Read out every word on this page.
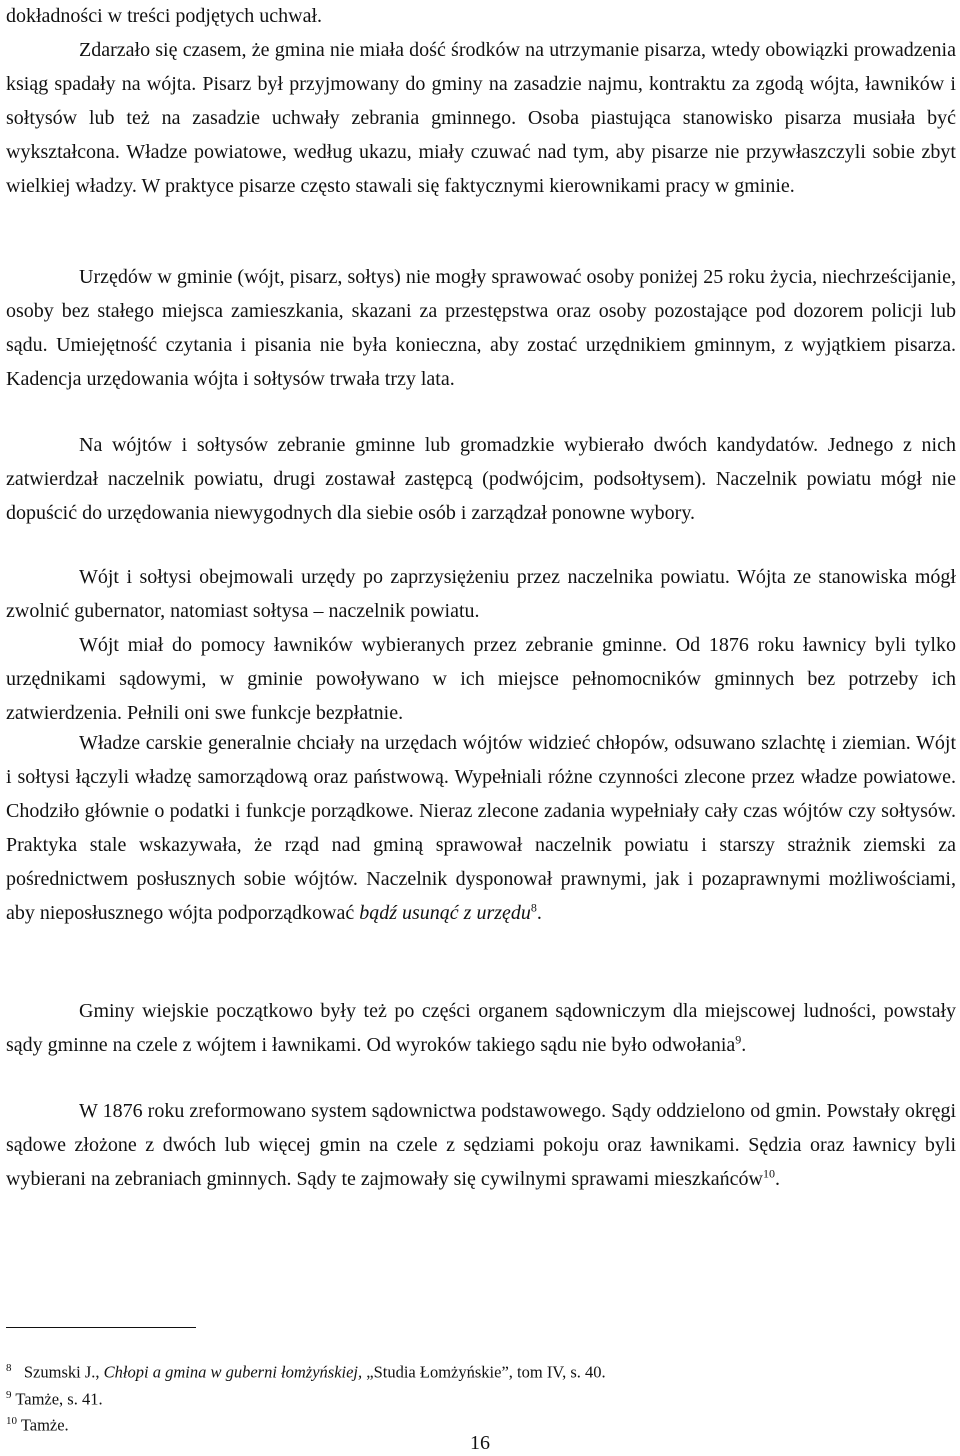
dokładności w treści podjętych uchwał.

Zdarzało się czasem, że gmina nie miała dość środków na utrzymanie pisarza, wtedy obowiązki prowadzenia ksiąg spadały na wójta. Pisarz był przyjmowany do gminy na zasadzie najmu, kontraktu za zgodą wójta, ławników i sołtysów lub też na zasadzie uchwały zebrania gminnego. Osoba piastująca stanowisko pisarza musiała być wykształcona. Władze powiatowe, według ukazu, miały czuwać nad tym, aby pisarze nie przywłaszczyli sobie zbyt wielkiej władzy. W praktyce pisarze często stawali się faktycznymi kierownikami pracy w gminie.

Urzędów w gminie (wójt, pisarz, sołtys) nie mogły sprawować osoby poniżej 25 roku życia, niechrześcijanie, osoby bez stałego miejsca zamieszkania, skazani za przestępstwa oraz osoby pozostające pod dozorem policji lub sądu. Umiejętność czytania i pisania nie była konieczna, aby zostać urzędnikiem gminnym, z wyjątkiem pisarza. Kadencja urzędowania wójta i sołtysów trwała trzy lata.

Na wójtów i sołtysów zebranie gminne lub gromadzkie wybierało dwóch kandydatów. Jednego z nich zatwierdzał naczelnik powiatu, drugi zostawał zastępcą (podwójcim, podsołtysem). Naczelnik powiatu mógł nie dopuścić do urzędowania niewygodnych dla siebie osób i zarządzał ponowne wybory.

Wójt i sołtysi obejmowali urzędy po zaprzysiężeniu przez naczelnika powiatu. Wójta ze stanowiska mógł zwolnić gubernator, natomiast sołtysa – naczelnik powiatu.

Wójt miał do pomocy ławników wybieranych przez zebranie gminne. Od 1876 roku ławnicy byli tylko urzędnikami sądowymi, w gminie powoływano w ich miejsce pełnomocników gminnych bez potrzeby ich zatwierdzenia. Pełnili oni swe funkcje bezpłatnie.

Władze carskie generalnie chciały na urzędach wójtów widzieć chłopów, odsuwano szlachtę i ziemian. Wójt i sołtysi łączyli władzę samorządową oraz państwową. Wypełniali różne czynności zlecone przez władze powiatowe. Chodziło głównie o podatki i funkcje porządkowe. Nieraz zlecone zadania wypełniały cały czas wójtów czy sołtysów. Praktyka stale wskazywała, że rząd nad gminą sprawował naczelnik powiatu i starszy strażnik ziemski za pośrednictwem posłusznych sobie wójtów. Naczelnik dysponował prawnymi, jak i pozaprawnymi możliwościami, aby nieposłusznego wójta podporządkować bądź usunąć z urzędu$^8$.

Gminy wiejskie początkowo były też po części organem sądowniczym dla miejscowej ludności, powstały sądy gminne na czele z wójtem i ławnikami. Od wyroków takiego sądu nie było odwołania$^9$.

W 1876 roku zreformowano system sądownictwa podstawowego. Sądy oddzielono od gmin. Powstały okręgi sądowe złożone z dwóch lub więcej gmin na czele z sędziami pokoju oraz ławnikami. Sędzia oraz ławnicy byli wybierani na zebraniach gminnych. Sądy te zajmowały się cywilnymi sprawami mieszkańców$^{10}$.

$^8$ Szumski J., Chłopi a gmina w guberni łomżyńskiej, „Studia Łomżyńskie”, tom IV, s. 40.

$^9$ Tamże, s. 41.

$^{10}$ Tamże.

16
